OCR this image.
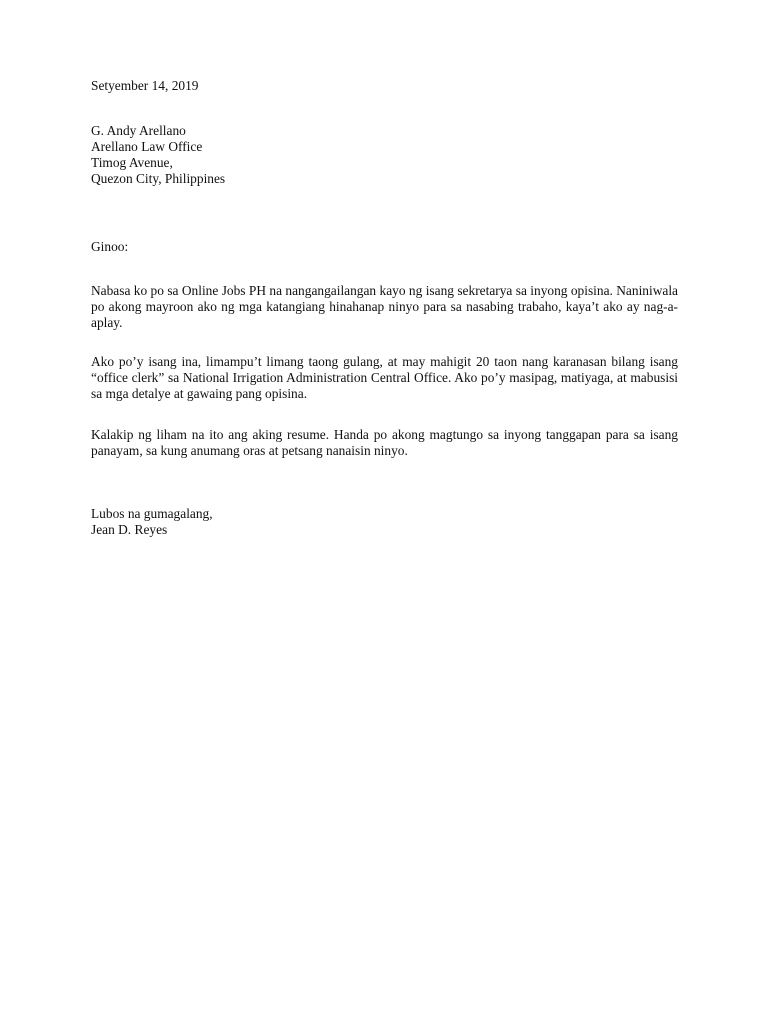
Setyember 14, 2019
G. Andy Arellano
Arellano Law Office
Timog Avenue,
Quezon City, Philippines
Ginoo:

Nabasa ko po sa Online Jobs PH na nangangailangan kayo ng isang sekretarya sa inyong opisina. Naniniwala po akong mayroon ako ng mga katangiang hinahanap ninyo para sa nasabing trabaho, kaya’t ako ay nag-a-aplay.

Ako po’y isang ina, limampu’t limang taong gulang, at may mahigit 20 taon nang karanasan bilang isang “office clerk” sa National Irrigation Administration Central Office. Ako po’y masipag, matiyaga, at mabusisi sa mga detalye at gawaing pang opisina.

Kalakip ng liham na ito ang aking resume. Handa po akong magtungo sa inyong tanggapan para sa isang panayam, sa kung anumang oras at petsang nanaisin ninyo.

Lubos na gumagalang,
Jean D. Reyes
